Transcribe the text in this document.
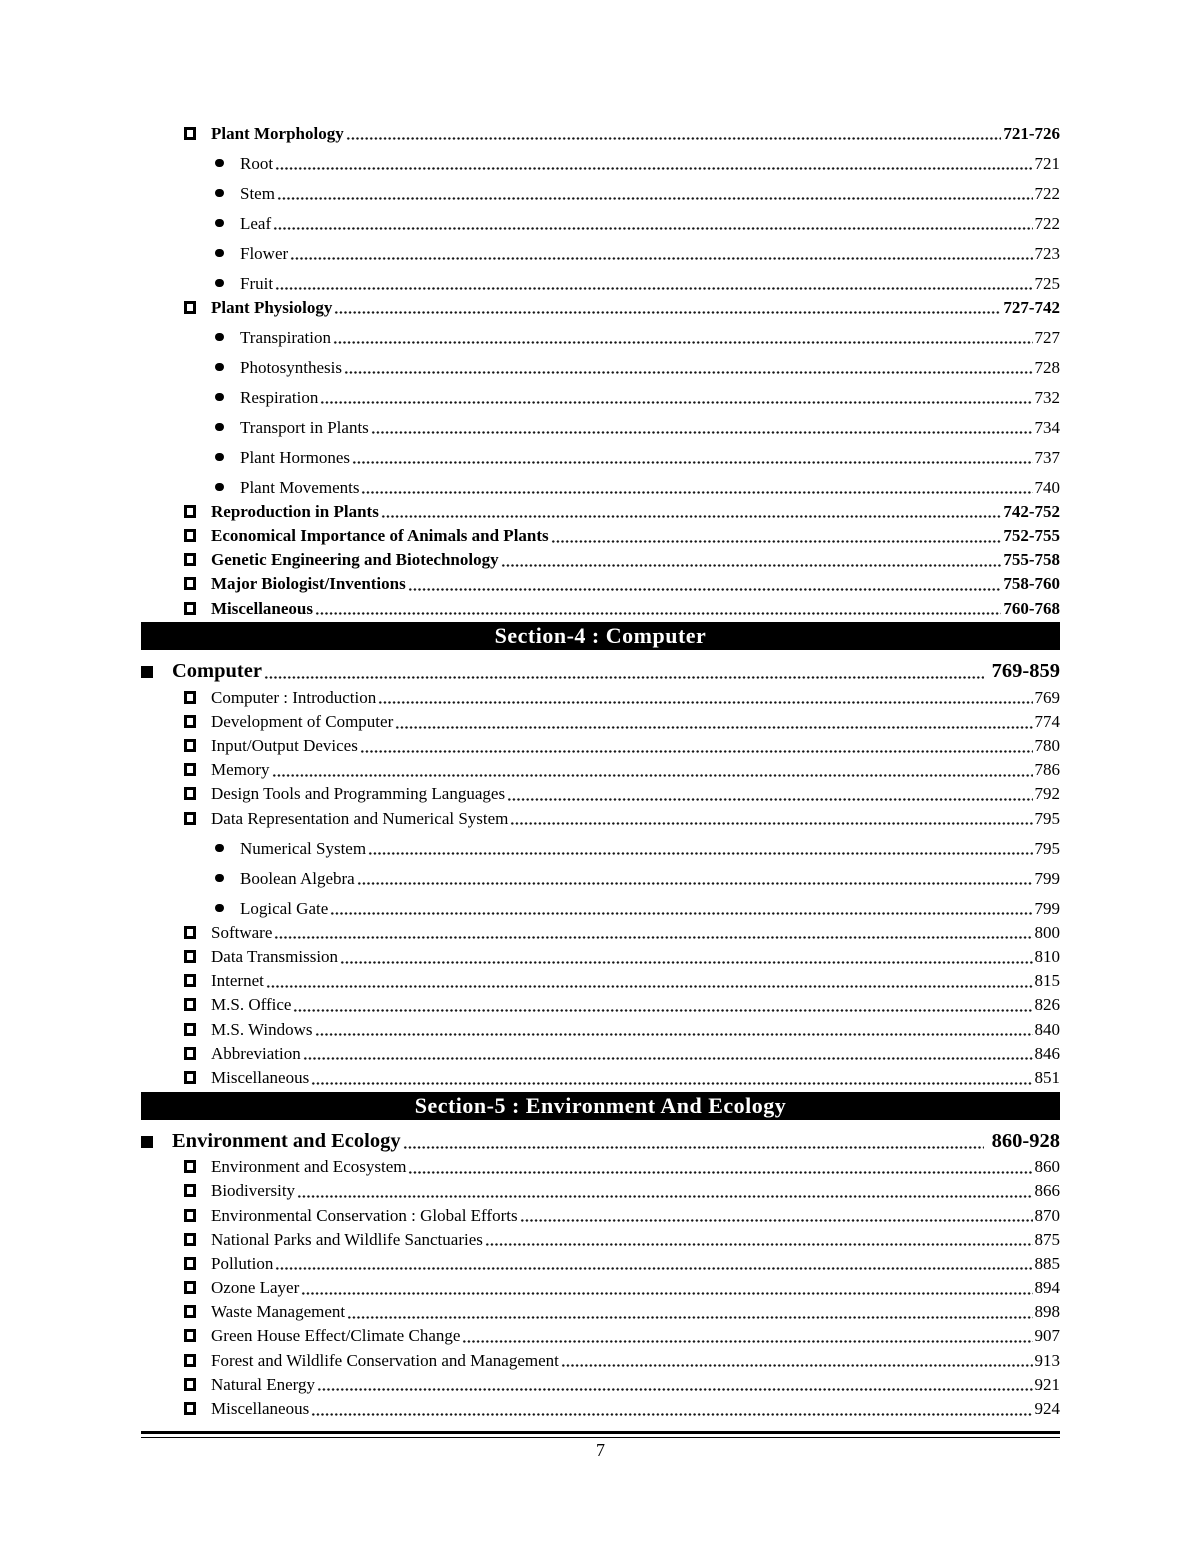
Plant Morphology	721-726
Root	721
Stem	722
Leaf	722
Flower	723
Fruit	725
Plant Physiology	727-742
Transpiration	727
Photosynthesis	728
Respiration	732
Transport in Plants	734
Plant Hormones	737
Plant Movements	740
Reproduction in Plants	742-752
Economical Importance of Animals and Plants	752-755
Genetic Engineering and Biotechnology	755-758
Major Biologist/Inventions	758-760
Miscellaneous	760-768
Section-4 : Computer
Computer	769-859
Computer : Introduction	769
Development of Computer	774
Input/Output Devices	780
Memory	786
Design Tools and Programming Languages	792
Data Representation and Numerical System	795
Numerical System	795
Boolean Algebra	799
Logical Gate	799
Software	800
Data Transmission	810
Internet	815
M.S. Office	826
M.S. Windows	840
Abbreviation	846
Miscellaneous	851
Section-5 : Environment And Ecology
Environment and Ecology	860-928
Environment and Ecosystem	860
Biodiversity	866
Environmental Conservation : Global Efforts	870
National Parks and Wildlife Sanctuaries	875
Pollution	885
Ozone Layer	894
Waste Management	898
Green House Effect/Climate Change	907
Forest and Wildlife Conservation and Management	913
Natural Energy	921
Miscellaneous	924
7
